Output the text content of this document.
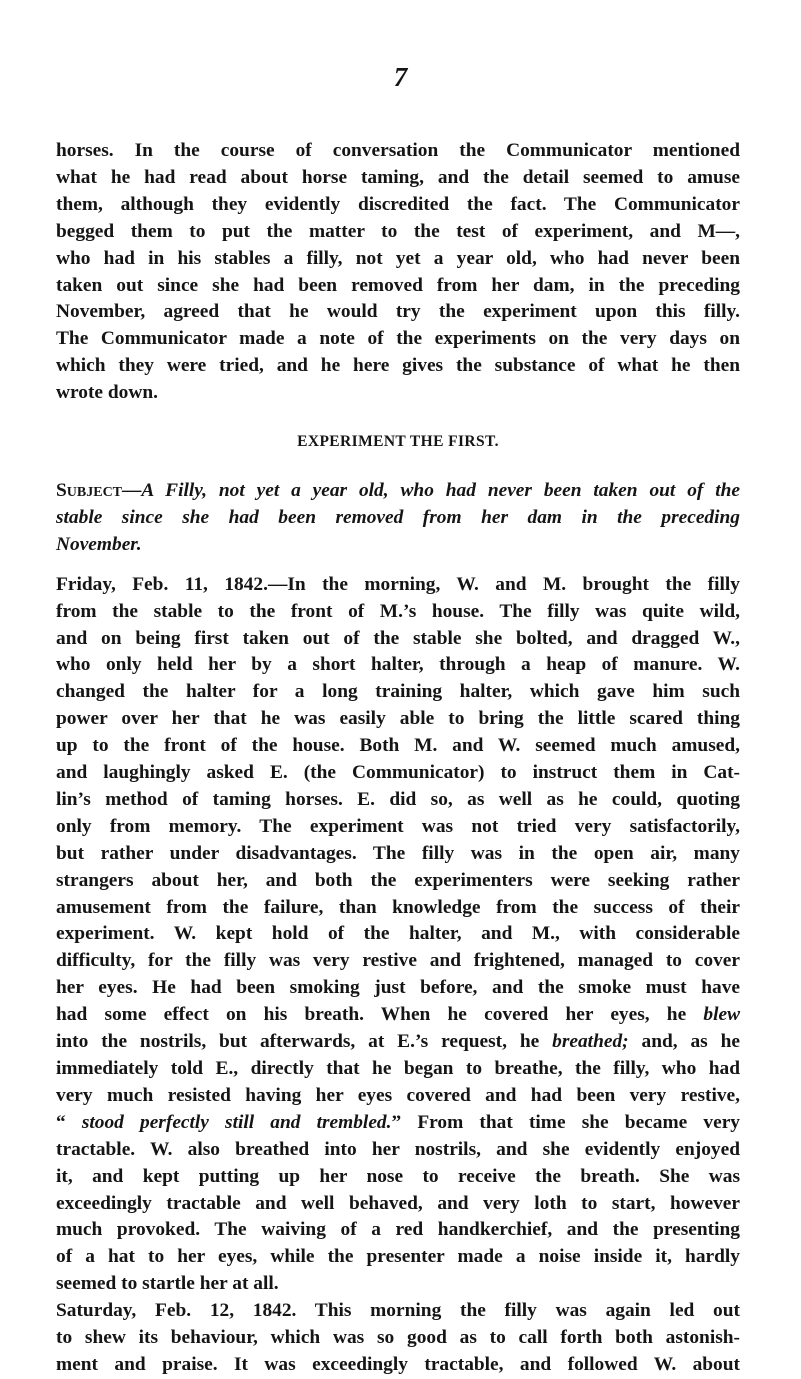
7

horses. In the course of conversation the Communicator mentioned

what he had read about horse taming, and the detail seemed to amuse

them, although they evidently discredited the fact. The Communicator

begged them to put the matter to the test of experiment, and M—,

who had in his stables a filly, not yet a year old, who had never been

taken out since she had been removed from her dam, in the preceding

November, agreed that he would try the experiment upon this filly.

The Communicator made a note of the experiments on the very days on

which they were tried, and he here gives the substance of what he then

wrote down.

EXPERIMENT THE FIRST.

Subject—A Filly, not yet a year old, who had never been taken out of the

stable since she had been removed from her dam in the preceding

November.

Friday, Feb. 11, 1842.—In the morning, W. and M. brought the filly

from the stable to the front of M.’s house. The filly was quite wild,

and on being first taken out of the stable she bolted, and dragged W.,

who only held her by a short halter, through a heap of manure. W.

changed the halter for a long training halter, which gave him such

power over her that he was easily able to bring the little scared thing

up to the front of the house. Both M. and W. seemed much amused,

and laughingly asked E. (the Communicator) to instruct them in Cat-

lin’s method of taming horses. E. did so, as well as he could, quoting

only from memory. The experiment was not tried very satisfactorily,

but rather under disadvantages. The filly was in the open air, many

strangers about her, and both the experimenters were seeking rather

amusement from the failure, than knowledge from the success of their

experiment. W. kept hold of the halter, and M., with considerable

difficulty, for the filly was very restive and frightened, managed to cover

her eyes. He had been smoking just before, and the smoke must have

had some effect on his breath. When he covered her eyes, he blew

into the nostrils, but afterwards, at E.’s request, he breathed; and, as he

immediately told E., directly that he began to breathe, the filly, who had

very much resisted having her eyes covered and had been very restive,

“ stood perfectly still and trembled.” From that time she became very

tractable. W. also breathed into her nostrils, and she evidently enjoyed

it, and kept putting up her nose to receive the breath. She was

exceedingly tractable and well behaved, and very loth to start, however

much provoked. The waiving of a red handkerchief, and the presenting

of a hat to her eyes, while the presenter made a noise inside it, hardly

seemed to startle her at all.

Saturday, Feb. 12, 1842. This morning the filly was again led out

to shew its behaviour, which was so good as to call forth both astonish-

ment and praise. It was exceedingly tractable, and followed W. about
